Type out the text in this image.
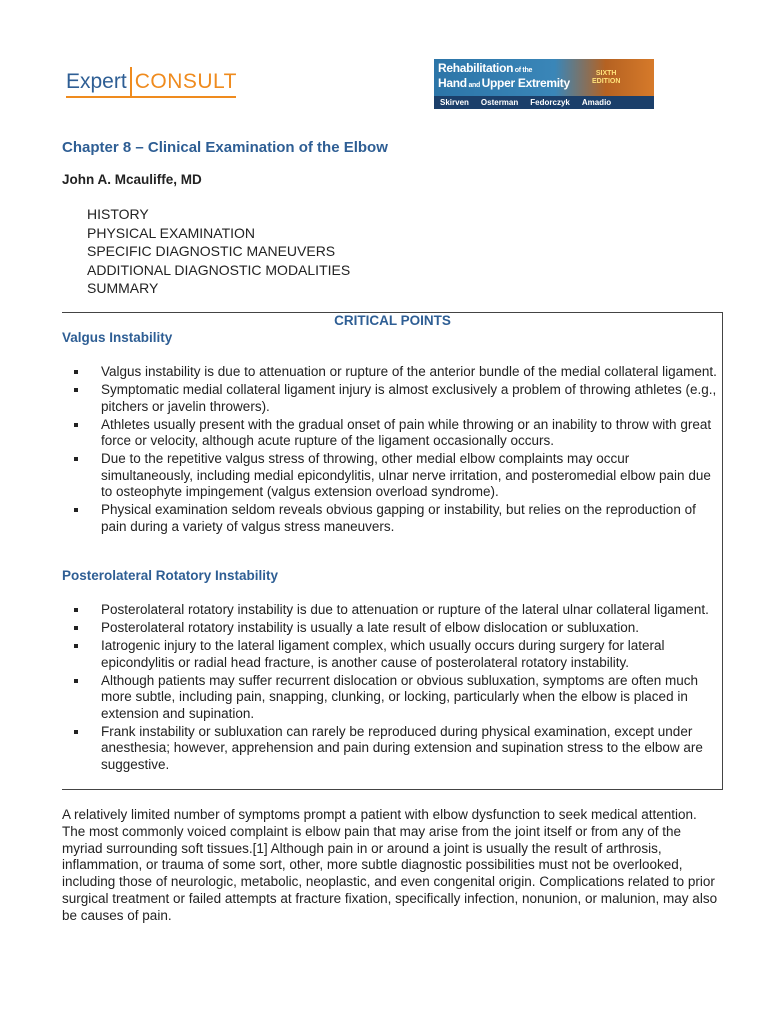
Expert CONSULT
Rehabilitation of the
Hand and Upper Extremity
SIXTH
EDITION
Skirven Osterman Fedorczyk Amadio
Chapter 8 – Clinical Examination of the Elbow
John A. Mcauliffe, MD
HISTORY
PHYSICAL EXAMINATION
SPECIFIC DIAGNOSTIC MANEUVERS
ADDITIONAL DIAGNOSTIC MODALITIES
SUMMARY
CRITICAL POINTS
Valgus Instability
Valgus instability is due to attenuation or rupture of the anterior bundle of the medial collateral ligament.
Symptomatic medial collateral ligament injury is almost exclusively a problem of throwing athletes (e.g., pitchers or javelin throwers).
Athletes usually present with the gradual onset of pain while throwing or an inability to throw with great force or velocity, although acute rupture of the ligament occasionally occurs.
Due to the repetitive valgus stress of throwing, other medial elbow complaints may occur simultaneously, including medial epicondylitis, ulnar nerve irritation, and posteromedial elbow pain due to osteophyte impingement (valgus extension overload syndrome).
Physical examination seldom reveals obvious gapping or instability, but relies on the reproduction of pain during a variety of valgus stress maneuvers.
Posterolateral Rotatory Instability
Posterolateral rotatory instability is due to attenuation or rupture of the lateral ulnar collateral ligament.
Posterolateral rotatory instability is usually a late result of elbow dislocation or subluxation.
Iatrogenic injury to the lateral ligament complex, which usually occurs during surgery for lateral epicondylitis or radial head fracture, is another cause of posterolateral rotatory instability.
Although patients may suffer recurrent dislocation or obvious subluxation, symptoms are often much more subtle, including pain, snapping, clunking, or locking, particularly when the elbow is placed in extension and supination.
Frank instability or subluxation can rarely be reproduced during physical examination, except under anesthesia; however, apprehension and pain during extension and supination stress to the elbow are suggestive.

A relatively limited number of symptoms prompt a patient with elbow dysfunction to seek medical attention. The most commonly voiced complaint is elbow pain that may arise from the joint itself or from any of the myriad surrounding soft tissues.[1] Although pain in or around a joint is usually the result of arthrosis, inflammation, or trauma of some sort, other, more subtle diagnostic possibilities must not be overlooked, including those of neurologic, metabolic, neoplastic, and even congenital origin. Complications related to prior surgical treatment or failed attempts at fracture fixation, specifically infection, nonunion, or malunion, may also be causes of pain.
